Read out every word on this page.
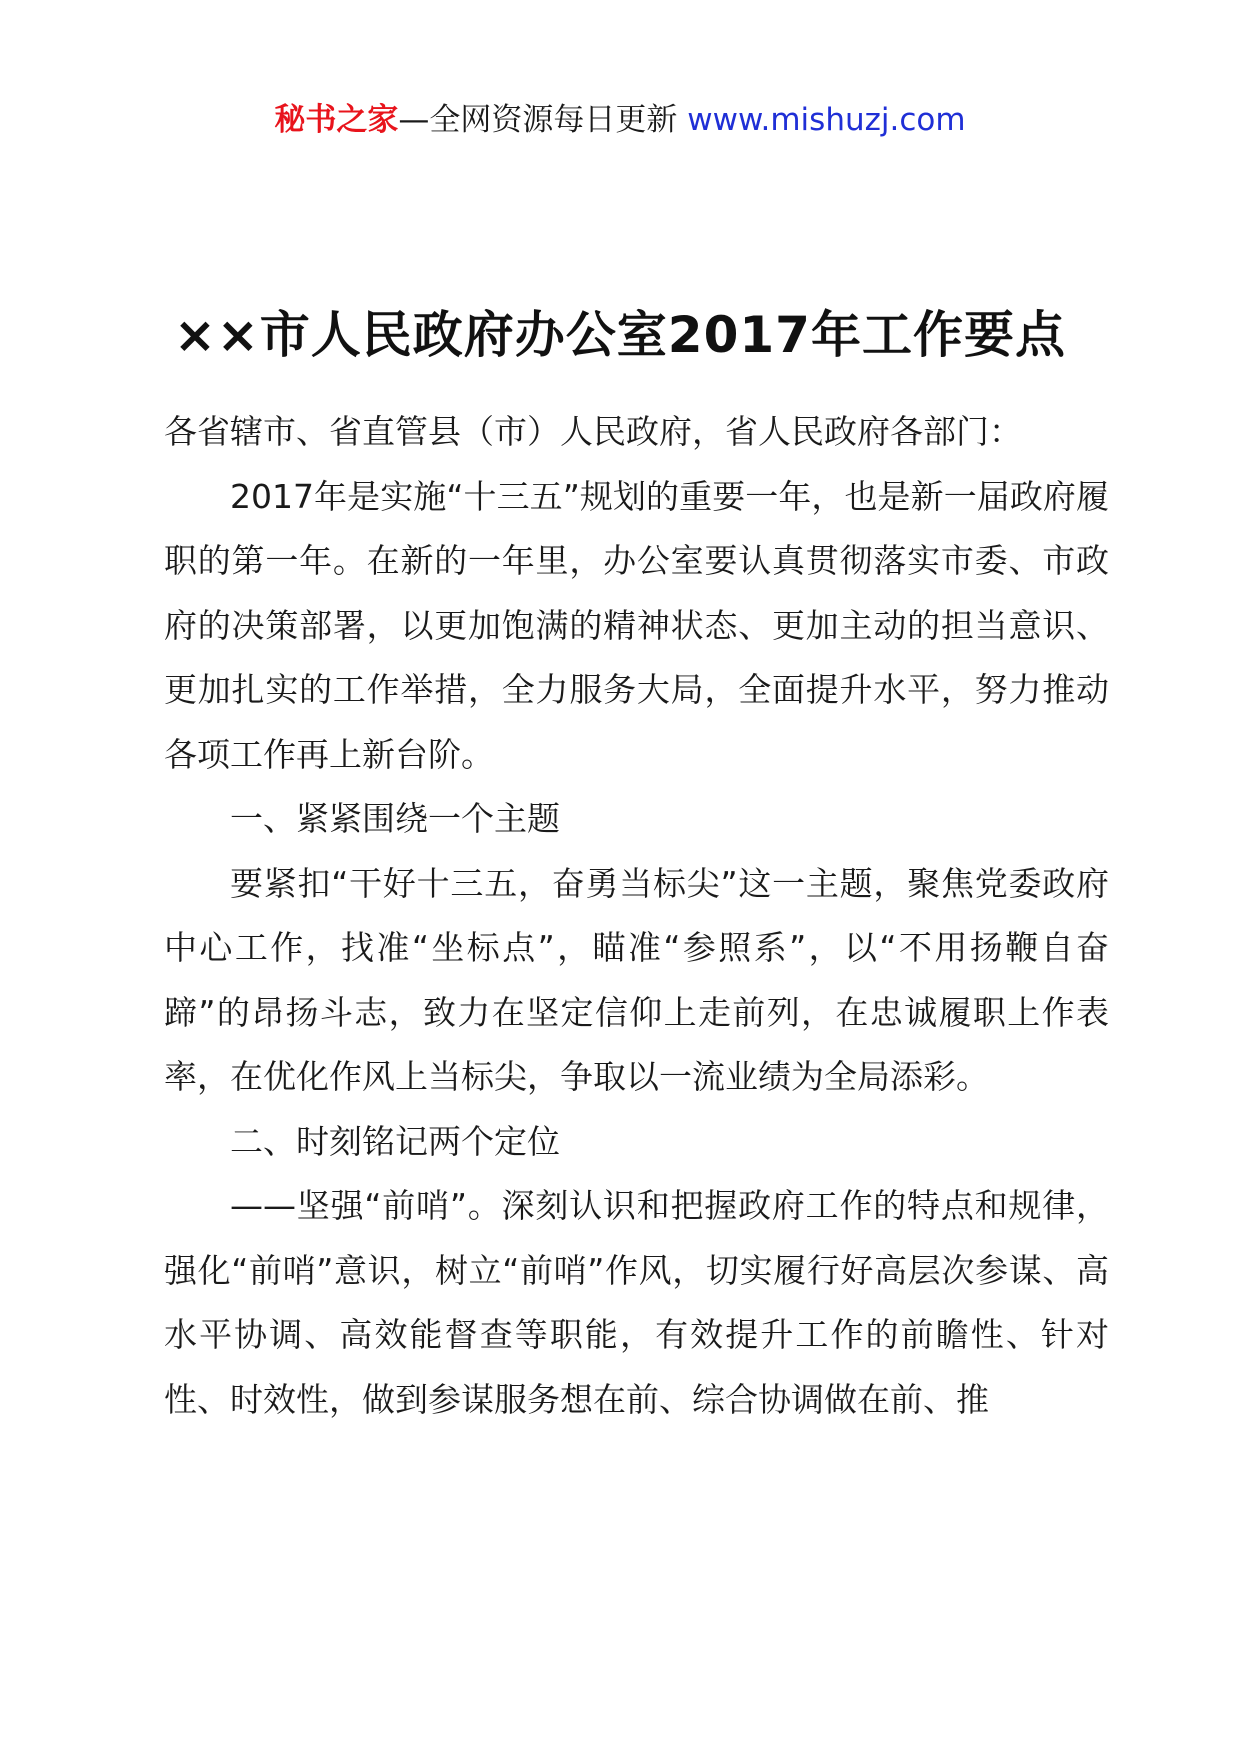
秘书之家—全网资源每日更新 www.mishuzj.com
××市人民政府办公室2017年工作要点

各省辖市、省直管县（市）人民政府，省人民政府各部门：

2017年是实施“十三五”规划的重要一年，也是新一届政府履职的第一年。在新的一年里，办公室要认真贯彻落实市委、市政府的决策部署，以更加饱满的精神状态、更加主动的担当意识、更加扎实的工作举措，全力服务大局，全面提升水平，努力推动各项工作再上新台阶。

一、紧紧围绕一个主题

要紧扣“干好十三五，奋勇当标尖”这一主题，聚焦党委政府中心工作，找准“坐标点”，瞄准“参照系”，以“不用扬鞭自奋蹄”的昂扬斗志，致力在坚定信仰上走前列，在忠诚履职上作表率，在优化作风上当标尖，争取以一流业绩为全局添彩。

二、时刻铭记两个定位

——坚强“前哨”。深刻认识和把握政府工作的特点和规律，强化“前哨”意识，树立“前哨”作风，切实履行好高层次参谋、高水平协调、高效能督查等职能，有效提升工作的前瞻性、针对性、时效性，做到参谋服务想在前、综合协调做在前、推
